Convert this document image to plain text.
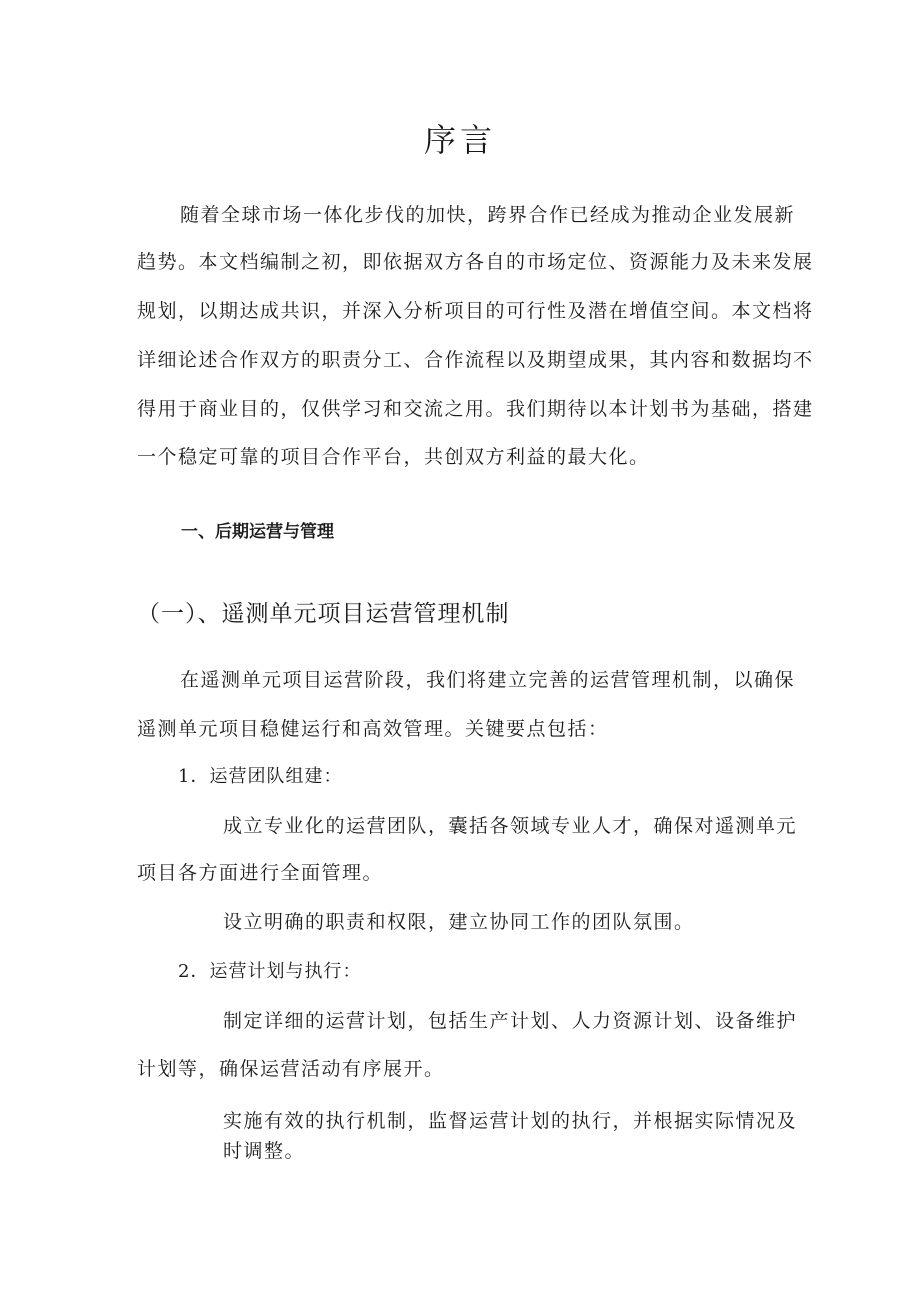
序言
随着全球市场一体化步伐的加快，跨界合作已经成为推动企业发展新
趋势。本文档编制之初，即依据双方各自的市场定位、资源能力及未来发展
规划，以期达成共识，并深入分析项目的可行性及潜在增值空间。本文档将
详细论述合作双方的职责分工、合作流程以及期望成果，其内容和数据均不
得用于商业目的，仅供学习和交流之用。我们期待以本计划书为基础，搭建
一个稳定可靠的项目合作平台，共创双方利益的最大化。
一、后期运营与管理
（一）、遥测单元项目运营管理机制
在遥测单元项目运营阶段，我们将建立完善的运营管理机制，以确保
遥测单元项目稳健运行和高效管理。关键要点包括：
1．运营团队组建：
成立专业化的运营团队，囊括各领域专业人才，确保对遥测单元
项目各方面进行全面管理。
设立明确的职责和权限，建立协同工作的团队氛围。
2．运营计划与执行：
制定详细的运营计划，包括生产计划、人力资源计划、设备维护
计划等，确保运营活动有序展开。
实施有效的执行机制，监督运营计划的执行，并根据实际情况及
时调整。
